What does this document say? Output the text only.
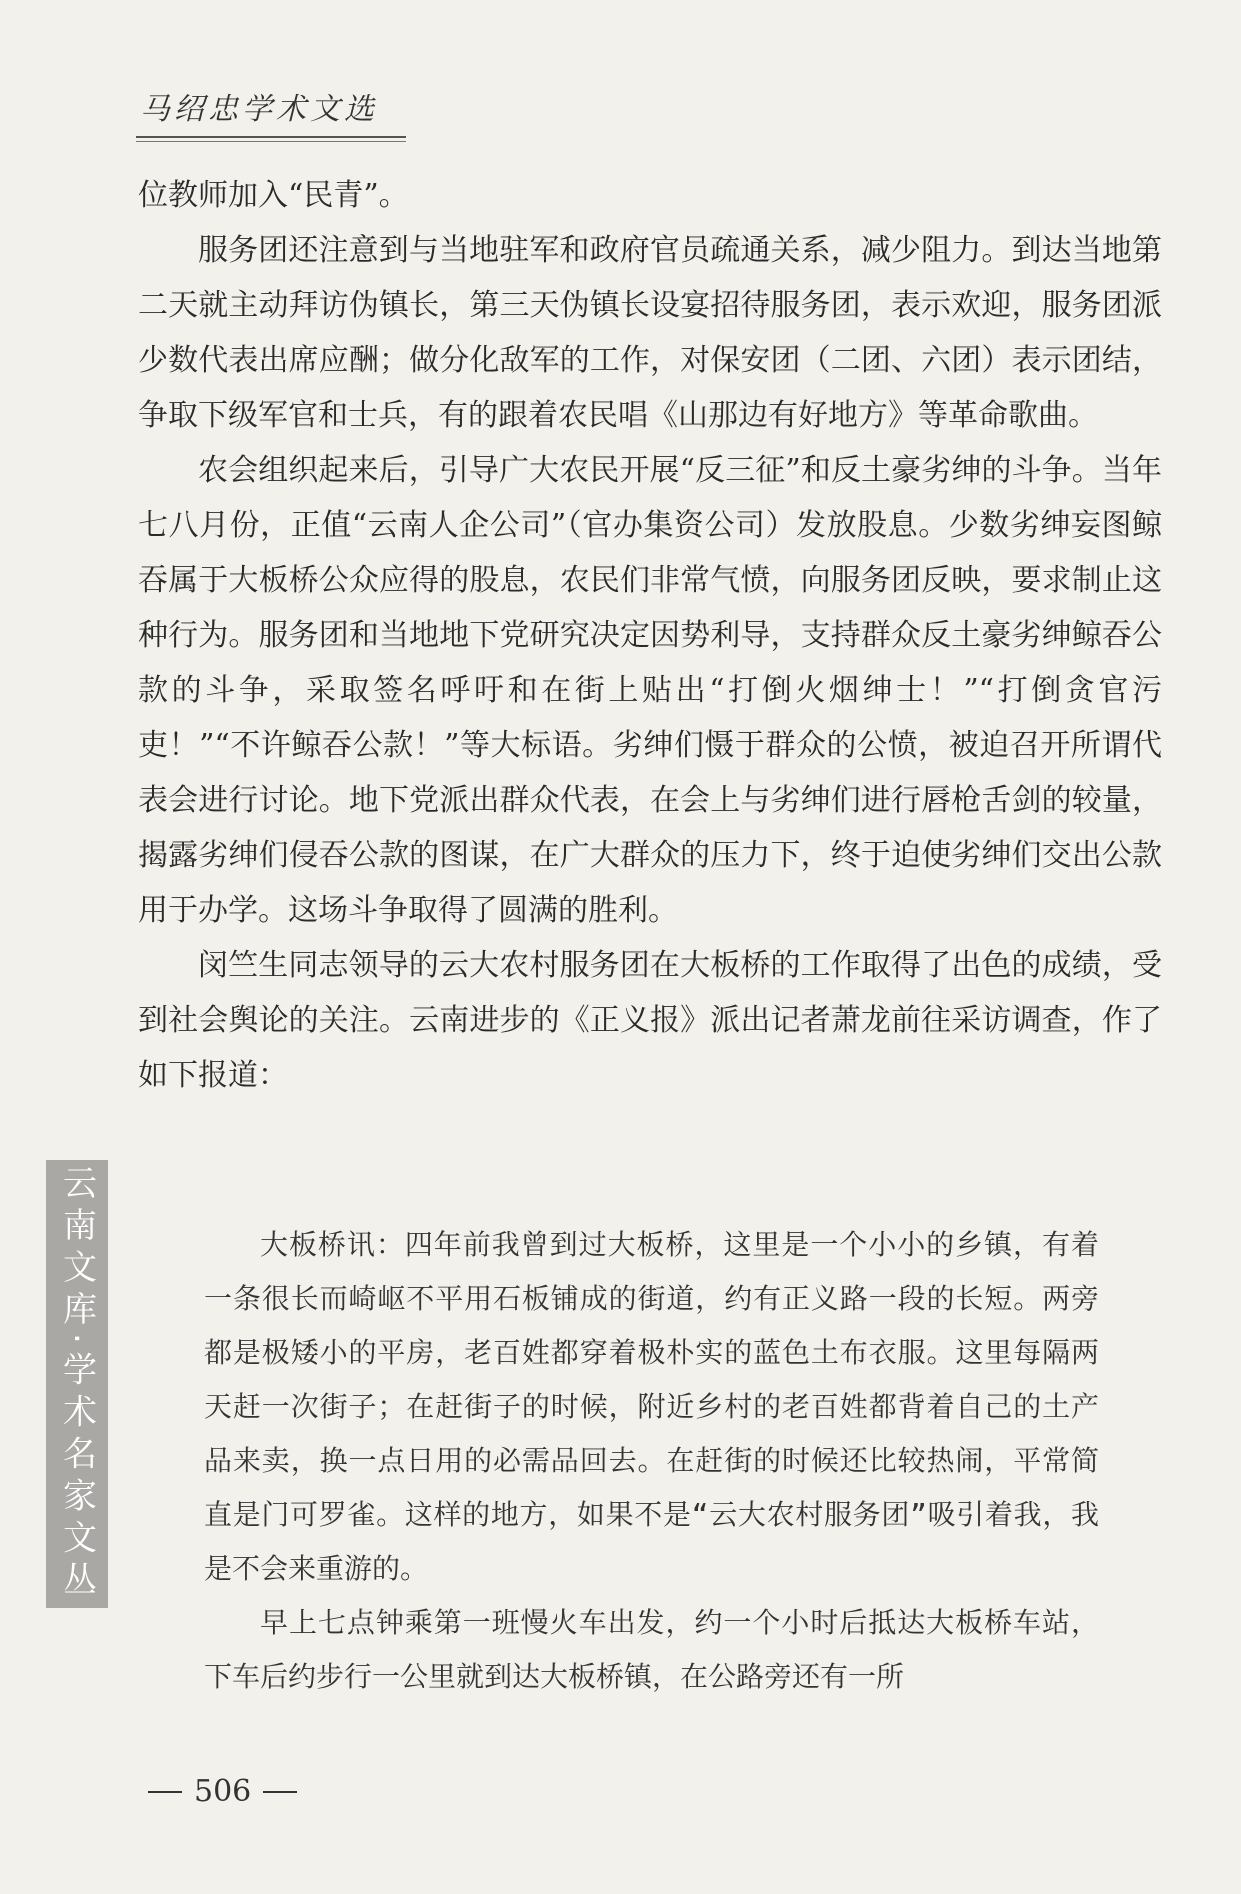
马绍忠学术文选

位教师加入“民青”。

服务团还注意到与当地驻军和政府官员疏通关系，减少阻力。到达当地第二天就主动拜访伪镇长，第三天伪镇长设宴招待服务团，表示欢迎，服务团派少数代表出席应酬；做分化敌军的工作，对保安团（二团、六团）表示团结，争取下级军官和士兵，有的跟着农民唱《山那边有好地方》等革命歌曲。

农会组织起来后，引导广大农民开展“反三征”和反土豪劣绅的斗争。当年七八月份，正值“云南人企公司”（官办集资公司）发放股息。少数劣绅妄图鲸吞属于大板桥公众应得的股息，农民们非常气愤，向服务团反映，要求制止这种行为。服务团和当地地下党研究决定因势利导，支持群众反土豪劣绅鲸吞公款的斗争，采取签名呼吁和在街上贴出“打倒火烟绅士！”“打倒贪官污吏！”“不许鲸吞公款！”等大标语。劣绅们慑于群众的公愤，被迫召开所谓代表会进行讨论。地下党派出群众代表，在会上与劣绅们进行唇枪舌剑的较量，揭露劣绅们侵吞公款的图谋，在广大群众的压力下，终于迫使劣绅们交出公款用于办学。这场斗争取得了圆满的胜利。

闵竺生同志领导的云大农村服务团在大板桥的工作取得了出色的成绩，受到社会舆论的关注。云南进步的《正义报》派出记者萧龙前往采访调查，作了如下报道：

大板桥讯：四年前我曾到过大板桥，这里是一个小小的乡镇，有着一条很长而崎岖不平用石板铺成的街道，约有正义路一段的长短。两旁都是极矮小的平房，老百姓都穿着极朴实的蓝色土布衣服。这里每隔两天赶一次街子；在赶街子的时候，附近乡村的老百姓都背着自己的土产品来卖，换一点日用的必需品回去。在赶街的时候还比较热闹，平常简直是门可罗雀。这样的地方，如果不是“云大农村服务团”吸引着我，我是不会来重游的。

早上七点钟乘第一班慢火车出发，约一个小时后抵达大板桥车站，下车后约步行一公里就到达大板桥镇，在公路旁还有一所

云南文库·学术名家文丛
506
